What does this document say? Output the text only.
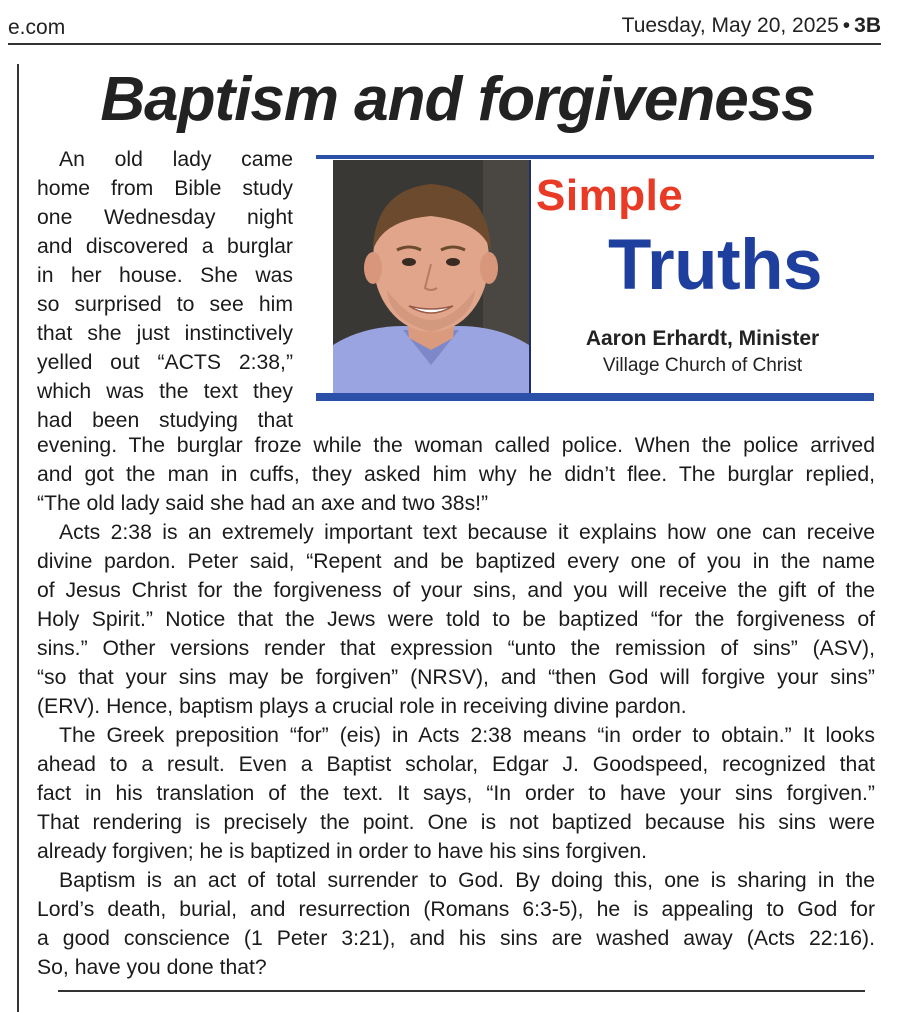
e.com	Tuesday, May 20, 2025 • 3B
Baptism and forgiveness
Simple
Truths
Aaron Erhardt, Minister
Village Church of Christ

An old lady came

home from Bible study

one Wednesday night

and discovered a burglar

in her house. She was

so surprised to see him

that she just instinctively

yelled out “ACTS 2:38,”

which was the text they

had been studying that

evening. The burglar froze while the woman called police. When the police arrived

and got the man in cuffs, they asked him why he didn’t flee. The burglar replied,

“The old lady said she had an axe and two 38s!”

Acts 2:38 is an extremely important text because it explains how one can receive

divine pardon. Peter said, “Repent and be baptized every one of you in the name

of Jesus Christ for the forgiveness of your sins, and you will receive the gift of the

Holy Spirit.” Notice that the Jews were told to be baptized “for the forgiveness of

sins.” Other versions render that expression “unto the remission of sins” (ASV),

“so that your sins may be forgiven” (NRSV), and “then God will forgive your sins”

(ERV). Hence, baptism plays a crucial role in receiving divine pardon.

The Greek preposition “for” (eis) in Acts 2:38 means “in order to obtain.” It looks

ahead to a result. Even a Baptist scholar, Edgar J. Goodspeed, recognized that

fact in his translation of the text. It says, “In order to have your sins forgiven.”

That rendering is precisely the point. One is not baptized because his sins were

already forgiven; he is baptized in order to have his sins forgiven.

Baptism is an act of total surrender to God. By doing this, one is sharing in the

Lord’s death, burial, and resurrection (Romans 6:3-5), he is appealing to God for

a good conscience (1 Peter 3:21), and his sins are washed away (Acts 22:16).

So, have you done that?
